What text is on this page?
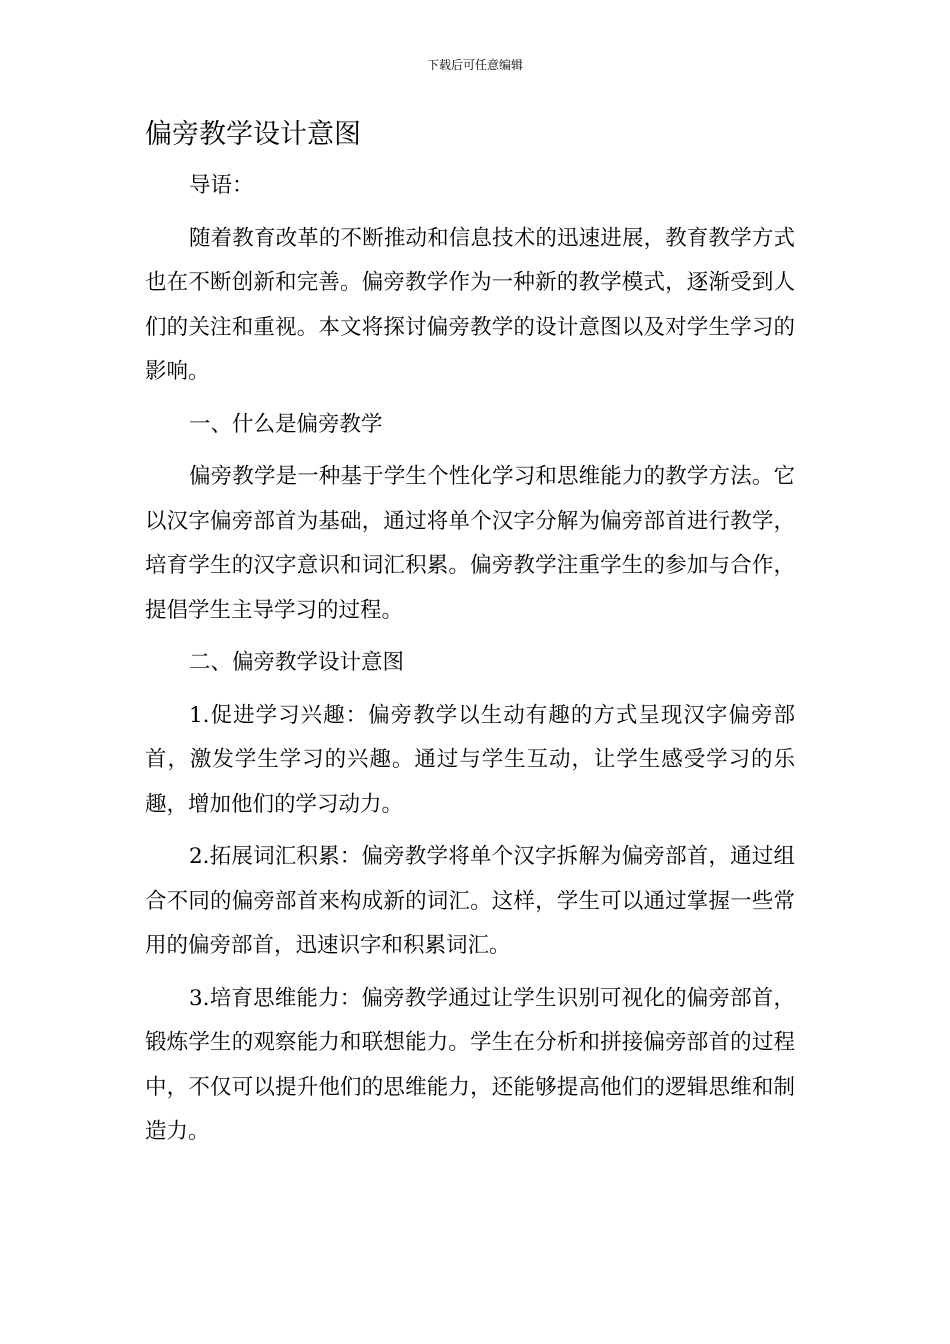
下载后可任意编辑
偏旁教学设计意图

导语：

随着教育改革的不断推动和信息技术的迅速进展，教育教学方式也在不断创新和完善。偏旁教学作为一种新的教学模式，逐渐受到人们的关注和重视。本文将探讨偏旁教学的设计意图以及对学生学习的影响。

一、什么是偏旁教学

偏旁教学是一种基于学生个性化学习和思维能力的教学方法。它以汉字偏旁部首为基础，通过将单个汉字分解为偏旁部首进行教学，培育学生的汉字意识和词汇积累。偏旁教学注重学生的参加与合作，提倡学生主导学习的过程。

二、偏旁教学设计意图

1.促进学习兴趣：偏旁教学以生动有趣的方式呈现汉字偏旁部首，激发学生学习的兴趣。通过与学生互动，让学生感受学习的乐趣，增加他们的学习动力。

2.拓展词汇积累：偏旁教学将单个汉字拆解为偏旁部首，通过组合不同的偏旁部首来构成新的词汇。这样，学生可以通过掌握一些常用的偏旁部首，迅速识字和积累词汇。

3.培育思维能力：偏旁教学通过让学生识别可视化的偏旁部首，锻炼学生的观察能力和联想能力。学生在分析和拼接偏旁部首的过程中，不仅可以提升他们的思维能力，还能够提高他们的逻辑思维和制造力。
